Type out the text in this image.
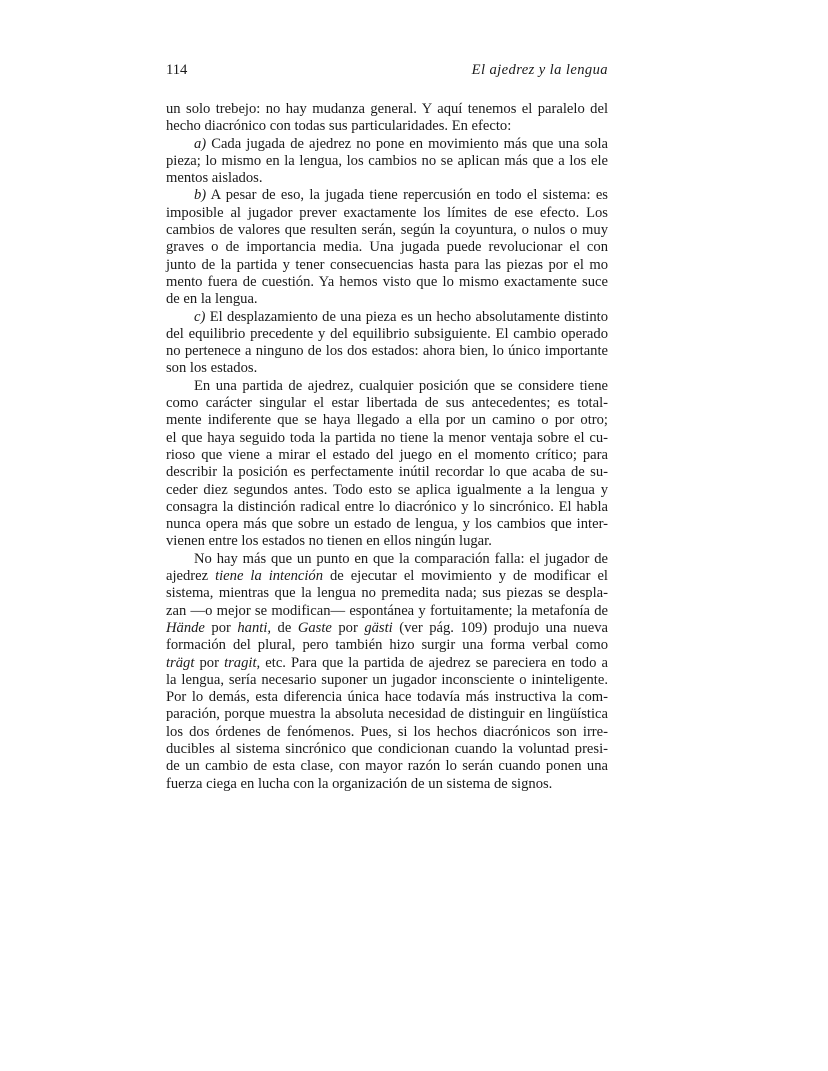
114	El ajedrez y la lengua
un solo trebejo: no hay mudanza general. Y aquí tenemos el paralelo del
hecho diacrónico con todas sus particularidades. En efecto:
a) Cada jugada de ajedrez no pone en movimiento más que una sola
pieza; lo mismo en la lengua, los cambios no se aplican más que a los ele
mentos aislados.
b) A pesar de eso, la jugada tiene repercusión en todo el sistema: es
imposible al jugador prever exactamente los límites de ese efecto. Los
cambios de valores que resulten serán, según la coyuntura, o nulos o muy
graves o de importancia media. Una jugada puede revolucionar el con
junto de la partida y tener consecuencias hasta para las piezas por el mo
mento fuera de cuestión. Ya hemos visto que lo mismo exactamente suce
de en la lengua.
c) El desplazamiento de una pieza es un hecho absolutamente distinto
del equilibrio precedente y del equilibrio subsiguiente. El cambio operado
no pertenece a ninguno de los dos estados: ahora bien, lo único importante
son los estados.
En una partida de ajedrez, cualquier posición que se considere tiene
como carácter singular el estar libertada de sus antecedentes; es total-
mente indiferente que se haya llegado a ella por un camino o por otro;
el que haya seguido toda la partida no tiene la menor ventaja sobre el cu-
rioso que viene a mirar el estado del juego en el momento crítico; para
describir la posición es perfectamente inútil recordar lo que acaba de su-
ceder diez segundos antes. Todo esto se aplica igualmente a la lengua y
consagra la distinción radical entre lo diacrónico y lo sincrónico. El habla
nunca opera más que sobre un estado de lengua, y los cambios que inter-
vienen entre los estados no tienen en ellos ningún lugar.
No hay más que un punto en que la comparación falla: el jugador de
ajedrez tiene la intención de ejecutar el movimiento y de modificar el
sistema, mientras que la lengua no premedita nada; sus piezas se despla-
zan —o mejor se modifican— espontánea y fortuitamente; la metafonía de
Hände por hanti, de Gaste por gästi (ver pág. 109) produjo una nueva
formación del plural, pero también hizo surgir una forma verbal como
trägt por tragit, etc. Para que la partida de ajedrez se pareciera en todo a
la lengua, sería necesario suponer un jugador inconsciente o ininteligente.
Por lo demás, esta diferencia única hace todavía más instructiva la com-
paración, porque muestra la absoluta necesidad de distinguir en lingüística
los dos órdenes de fenómenos. Pues, si los hechos diacrónicos son irre-
ducibles al sistema sincrónico que condicionan cuando la voluntad presi-
de un cambio de esta clase, con mayor razón lo serán cuando ponen una
fuerza ciega en lucha con la organización de un sistema de signos.
